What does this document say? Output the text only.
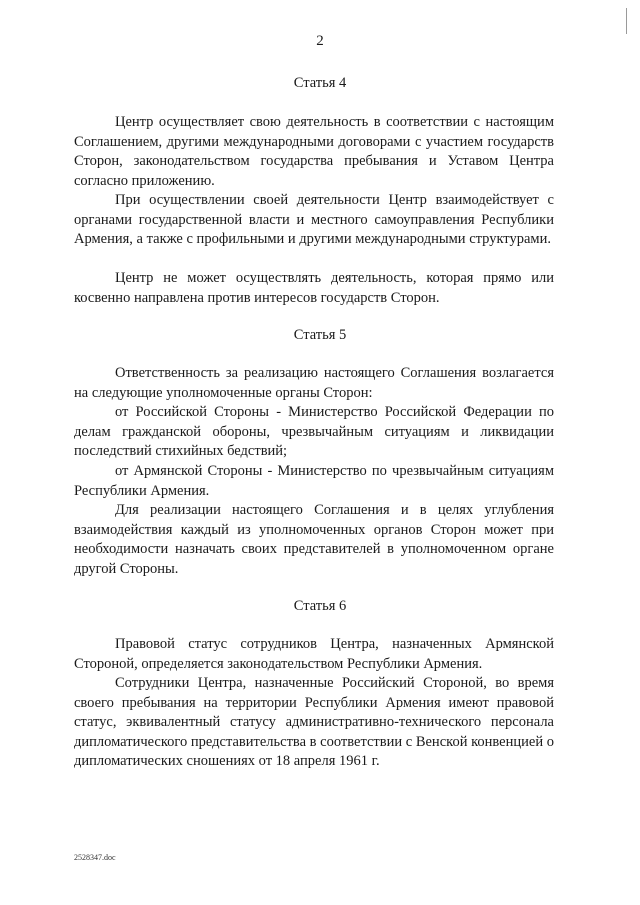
2
Статья 4

Центр осуществляет свою деятельность в соответствии с настоящим Соглашением, другими международными договорами с участием государств Сторон, законодательством государства пребывания и Уставом Центра согласно приложению.

При осуществлении своей деятельности Центр взаимодействует с органами государственной власти и местного самоуправления Республики Армения, а также с профильными и другими международными структурами.

Центр не может осуществлять деятельность, которая прямо или косвенно направлена против интересов государств Сторон.

Статья 5

Ответственность за реализацию настоящего Соглашения возлагается на следующие уполномоченные органы Сторон:

от Российской Стороны - Министерство Российской Федерации по делам гражданской обороны, чрезвычайным ситуациям и ликвидации последствий стихийных бедствий;

от Армянской Стороны - Министерство по чрезвычайным ситуациям Республики Армения.

Для реализации настоящего Соглашения и в целях углубления взаимодействия каждый из уполномоченных органов Сторон может при необходимости назначать своих представителей в уполномоченном органе другой Стороны.

Статья 6

Правовой статус сотрудников Центра, назначенных Армянской Стороной, определяется законодательством Республики Армения.

Сотрудники Центра, назначенные Российский Стороной, во время своего пребывания на территории Республики Армения имеют правовой статус, эквивалентный статусу административно-технического персонала дипломатического представительства в соответствии с Венской конвенцией о дипломатических сношениях от 18 апреля 1961 г.

2528347.doc
